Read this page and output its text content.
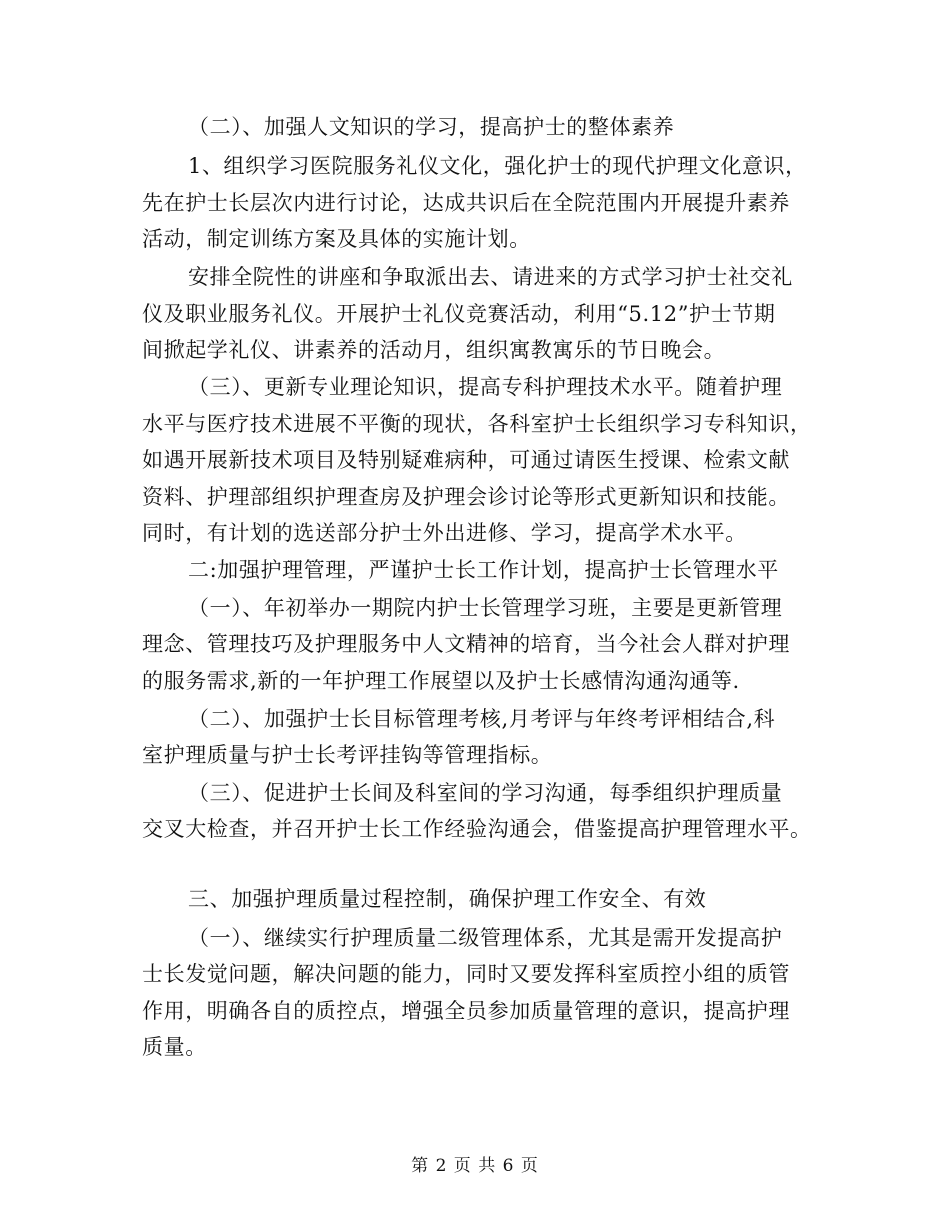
（二）、加强人文知识的学习，提高护士的整体素养
1、组织学习医院服务礼仪文化，强化护士的现代护理文化意识，
先在护士长层次内进行讨论，达成共识后在全院范围内开展提升素养
活动，制定训练方案及具体的实施计划。
安排全院性的讲座和争取派出去、请进来的方式学习护士社交礼
仪及职业服务礼仪。开展护士礼仪竞赛活动，利用“5.12”护士节期
间掀起学礼仪、讲素养的活动月，组织寓教寓乐的节日晚会。
（三）、更新专业理论知识，提高专科护理技术水平。随着护理
水平与医疗技术进展不平衡的现状，各科室护士长组织学习专科知识，
如遇开展新技术项目及特别疑难病种，可通过请医生授课、检索文献
资料、护理部组织护理查房及护理会诊讨论等形式更新知识和技能。
同时，有计划的选送部分护士外出进修、学习，提高学术水平。
二:加强护理管理，严谨护士长工作计划，提高护士长管理水平
（一）、年初举办一期院内护士长管理学习班，主要是更新管理
理念、管理技巧及护理服务中人文精神的培育，当今社会人群对护理
的服务需求,新的一年护理工作展望以及护士长感情沟通沟通等.
（二）、加强护士长目标管理考核,月考评与年终考评相结合,科
室护理质量与护士长考评挂钩等管理指标。
（三）、促进护士长间及科室间的学习沟通，每季组织护理质量
交叉大检查，并召开护士长工作经验沟通会，借鉴提高护理管理水平。
三、加强护理质量过程控制，确保护理工作安全、有效
（一）、继续实行护理质量二级管理体系，尤其是需开发提高护
士长发觉问题，解决问题的能力，同时又要发挥科室质控小组的质管
作用，明确各自的质控点，增强全员参加质量管理的意识，提高护理
质量。
第 2 页 共 6 页
